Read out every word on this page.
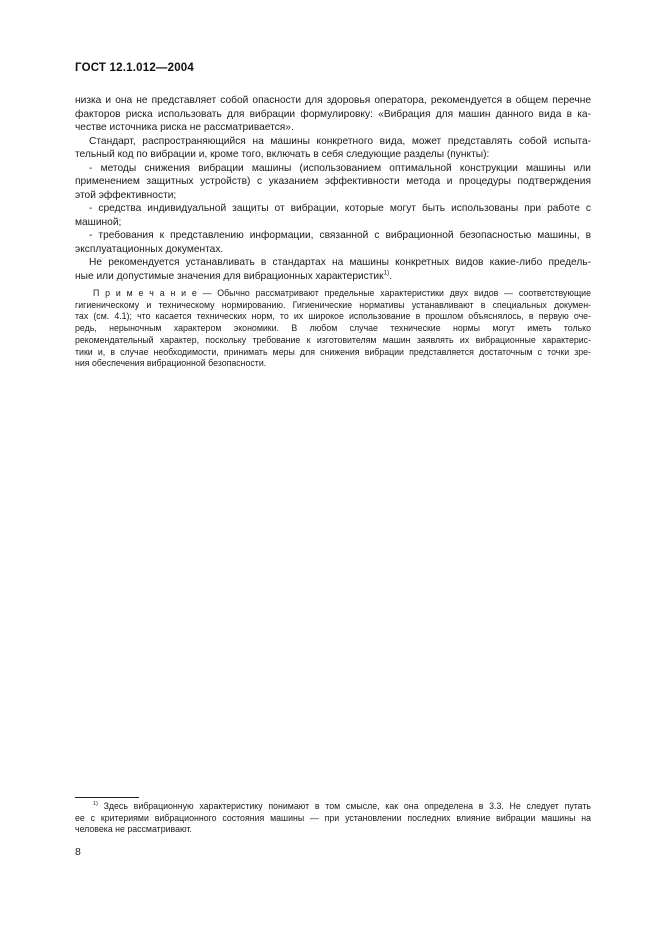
ГОСТ 12.1.012—2004
низка и она не представляет собой опасности для здоровья оператора, рекомендуется в общем перечне
факторов риска использовать для вибрации формулировку: «Вибрация для машин данного вида в ка-
честве источника риска не рассматривается».
Стандарт, распространяющийся на машины конкретного вида, может представлять собой испыта-
тельный код по вибрации и, кроме того, включать в себя следующие разделы (пункты):
- методы снижения вибрации машины (использованием оптимальной конструкции машины или
применением защитных устройств) с указанием эффективности метода и процедуры подтверждения
этой эффективности;
- средства индивидуальной защиты от вибрации, которые могут быть использованы при работе с
машиной;
- требования к представлению информации, связанной с вибрационной безопасностью машины, в
эксплуатационных документах.
Не рекомендуется устанавливать в стандартах на машины конкретных видов какие-либо предель-
ные или допустимые значения для вибрационных характеристик$^{1)}$.
П р и м е ч а н и е — Обычно рассматривают предельные характеристики двух видов — соответствующие
гигиеническому и техническому нормированию. Гигиенические нормативы устанавливают в специальных докумен-
тах (см. 4.1); что касается технических норм, то их широкое использование в прошлом объяснялось, в первую оче-
редь, нерыночным характером экономики. В любом случае технические нормы могут иметь только
рекомендательный характер, поскольку требование к изготовителям машин заявлять их вибрационные характерис-
тики и, в случае необходимости, принимать меры для снижения вибрации представляется достаточным с точки зре-
ния обеспечения вибрационной безопасности.
$^{1)}$ Здесь вибрационную характеристику понимают в том смысле, как она определена в 3.3. Не следует путать
ее с критериями вибрационного состояния машины — при установлении последних влияние вибрации машины на
человека не рассматривают.
8
